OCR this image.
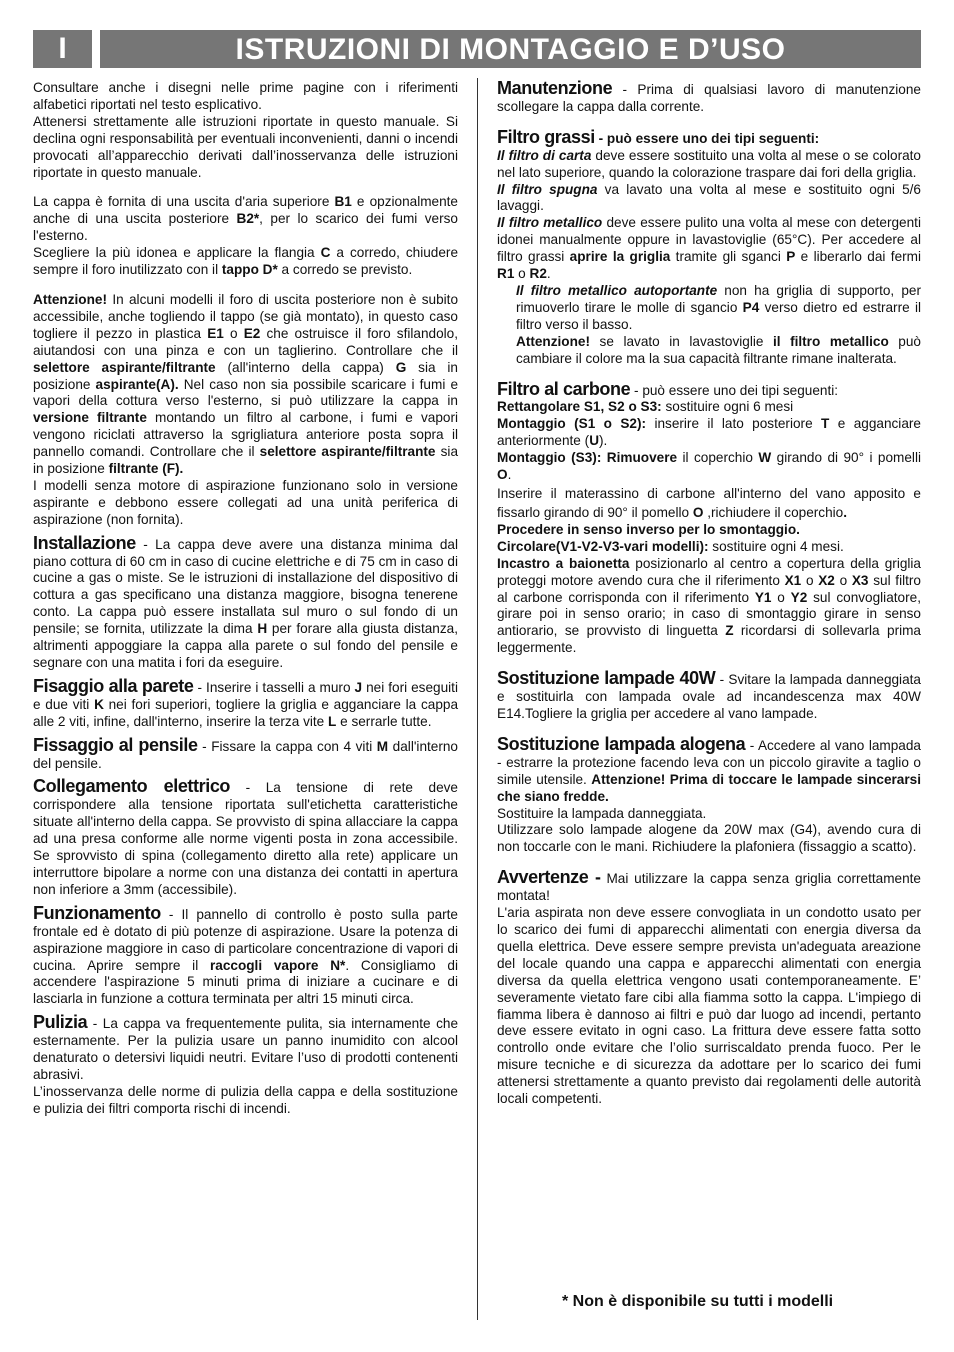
I	ISTRUZIONI DI MONTAGGIO E D’USO

Consultare anche i disegni nelle prime pagine con i riferimenti alfabetici riportati nel testo esplicativo.

Attenersi strettamente alle istruzioni riportate in questo manuale. Si declina ogni responsabilità per eventuali inconvenienti, danni o incendi provocati all’apparecchio derivati dall’inosservanza delle istruzioni riportate in questo manuale.

La cappa è fornita di una uscita d'aria superiore B1 e opzionalmente anche di una uscita posteriore B2*, per lo scarico dei fumi verso l'esterno.

Scegliere la più idonea e applicare la flangia C a corredo, chiudere sempre il foro inutilizzato con il tappo D* a corredo se previsto.

Attenzione! In alcuni modelli il foro di uscita posteriore non è subito accessibile, anche togliendo il tappo (se già montato), in questo caso togliere il pezzo in plastica E1 o E2 che ostruisce il foro sfilandolo, aiutandosi con una pinza e con un taglierino. Controllare che il selettore aspirante/filtrante (all'interno della cappa) G sia in posizione aspirante(A). Nel caso non sia possibile scaricare i fumi e vapori della cottura verso l'esterno, si può utilizzare la cappa in versione filtrante montando un filtro al carbone, i fumi e vapori vengono riciclati attraverso la sgrigliatura anteriore posta sopra il pannello comandi. Controllare che il selettore aspirante/filtrante sia in posizione filtrante (F).

I modelli senza motore di aspirazione funzionano solo in versione aspirante e debbono essere collegati ad una unità periferica di aspirazione (non fornita).

Installazione - La cappa deve avere una distanza minima dal piano cottura di 60 cm in caso di cucine elettriche e di 75 cm in caso di cucine a gas o miste. Se le istruzioni di installazione del dispositivo di cottura a gas specificano una distanza maggiore, bisogna tenerene conto. La cappa può essere installata sul muro o sul fondo di un pensile; se fornita, utilizzate la dima H per forare alla giusta distanza, altrimenti appoggiare la cappa alla parete o sul fondo del pensile e segnare con una matita i fori da eseguire.

Fisaggio alla parete - Inserire i tasselli a muro J nei fori eseguiti e due viti K nei fori superiori, togliere la griglia e agganciare la cappa alle 2 viti, infine, dall'interno, inserire la terza vite L e serrarle tutte.

Fissaggio al pensile - Fissare la cappa con 4 viti M dall'interno del pensile.

Collegamento elettrico - La tensione di rete deve corrispondere alla tensione riportata sull'etichetta caratteristiche situate all'interno della cappa. Se provvisto di spina allacciare la cappa ad una presa conforme alle norme vigenti posta in zona accessibile. Se sprovvisto di spina (collegamento diretto alla rete) applicare un interruttore bipolare a norme con una distanza dei contatti in apertura non inferiore a 3mm (accessibile).

Funzionamento - Il pannello di controllo è posto sulla parte frontale ed è dotato di più potenze di aspirazione. Usare la potenza di aspirazione maggiore in caso di particolare concentrazione di vapori di cucina. Aprire sempre il raccogli vapore N*. Consigliamo di accendere l'aspirazione 5 minuti prima di iniziare a cucinare e di lasciarla in funzione a cottura terminata per altri 15 minuti circa.

Pulizia - La cappa va frequentemente pulita, sia internamente che esternamente. Per la pulizia usare un panno inumidito con alcool denaturato o detersivi liquidi neutri. Evitare l’uso di prodotti contenenti abrasivi.

L’inosservanza delle norme di pulizia della cappa e della sostituzione e pulizia dei filtri comporta rischi di incendi.

Manutenzione - Prima di qualsiasi lavoro di manutenzione scollegare la cappa dalla corrente.

Filtro grassi - può essere uno dei tipi seguenti:

Il filtro di carta deve essere sostituito una volta al mese o se colorato nel lato superiore, quando la colorazione traspare dai fori della griglia.

Il filtro spugna va lavato una volta al mese e sostituito ogni 5/6 lavaggi.

Il filtro metallico deve essere pulito una volta al mese con detergenti idonei manualmente oppure in lavastoviglie (65°C). Per accedere al filtro grassi aprire la griglia tramite gli sganci P e liberarlo dai fermi R1 o R2.

Il filtro metallico autoportante non ha griglia di supporto, per rimuoverlo tirare le molle di sgancio P4 verso dietro ed estrarre il filtro verso il basso.

Attenzione! se lavato in lavastoviglie il filtro metallico può cambiare il colore ma la sua capacità filtrante rimane inalterata.

Filtro al carbone - può essere uno dei tipi seguenti:

Rettangolare S1, S2 o S3: sostituire ogni 6 mesi

Montaggio (S1 o S2): inserire il lato posteriore T e agganciare anteriormente (U).

Montaggio (S3): Rimuovere il coperchio W girando di 90° i pomelli O.

Inserire il materassino di carbone all'interno del vano apposito e fissarlo girando di 90° il pomello O ,richiudere il coperchio.

Procedere in senso inverso per lo smontaggio.

Circolare(V1-V2-V3-vari modelli): sostituire ogni 4 mesi.

Incastro a baionetta posizionarlo al centro a copertura della griglia proteggi motore avendo cura che il riferimento X1 o X2 o X3 sul filtro al carbone corrisponda con il riferimento Y1 o Y2 sul convogliatore, girare poi in senso orario; in caso di smontaggio girare in senso antiorario, se provvisto di linguetta Z ricordarsi di sollevarla prima leggermente.

Sostituzione lampade 40W - Svitare la lampada danneggiata e sostituirla con lampada ovale ad incandescenza max 40W E14.Togliere la griglia per accedere al vano lampade.

Sostituzione lampada alogena - Accedere al vano lampada - estrarre la protezione facendo leva con un piccolo giravite a taglio o simile utensile. Attenzione! Prima di toccare le lampade sincerarsi che siano fredde.

Sostituire la lampada danneggiata.

Utilizzare solo lampade alogene da 20W max (G4), avendo cura di non toccarle con le mani. Richiudere la plafoniera (fissaggio a scatto).

Avvertenze - Mai utilizzare la cappa senza griglia correttamente montata!

L'aria aspirata non deve essere convogliata in un condotto usato per lo scarico dei fumi di apparecchi alimentati con energia diversa da quella elettrica. Deve essere sempre prevista un'adeguata areazione del locale quando una cappa e apparecchi alimentati con energia diversa da quella elettrica vengono usati contemporaneamente. E’ severamente vietato fare cibi alla fiamma sotto la cappa. L'impiego di fiamma libera è dannoso ai filtri e può dar luogo ad incendi, pertanto deve essere evitato in ogni caso. La frittura deve essere fatta sotto controllo onde evitare che l’olio surriscaldato prenda fuoco. Per le misure tecniche e di sicurezza da adottare per lo scarico dei fumi attenersi strettamente a quanto previsto dai regolamenti delle autorità locali competenti.

* Non è disponibile su tutti i modelli
